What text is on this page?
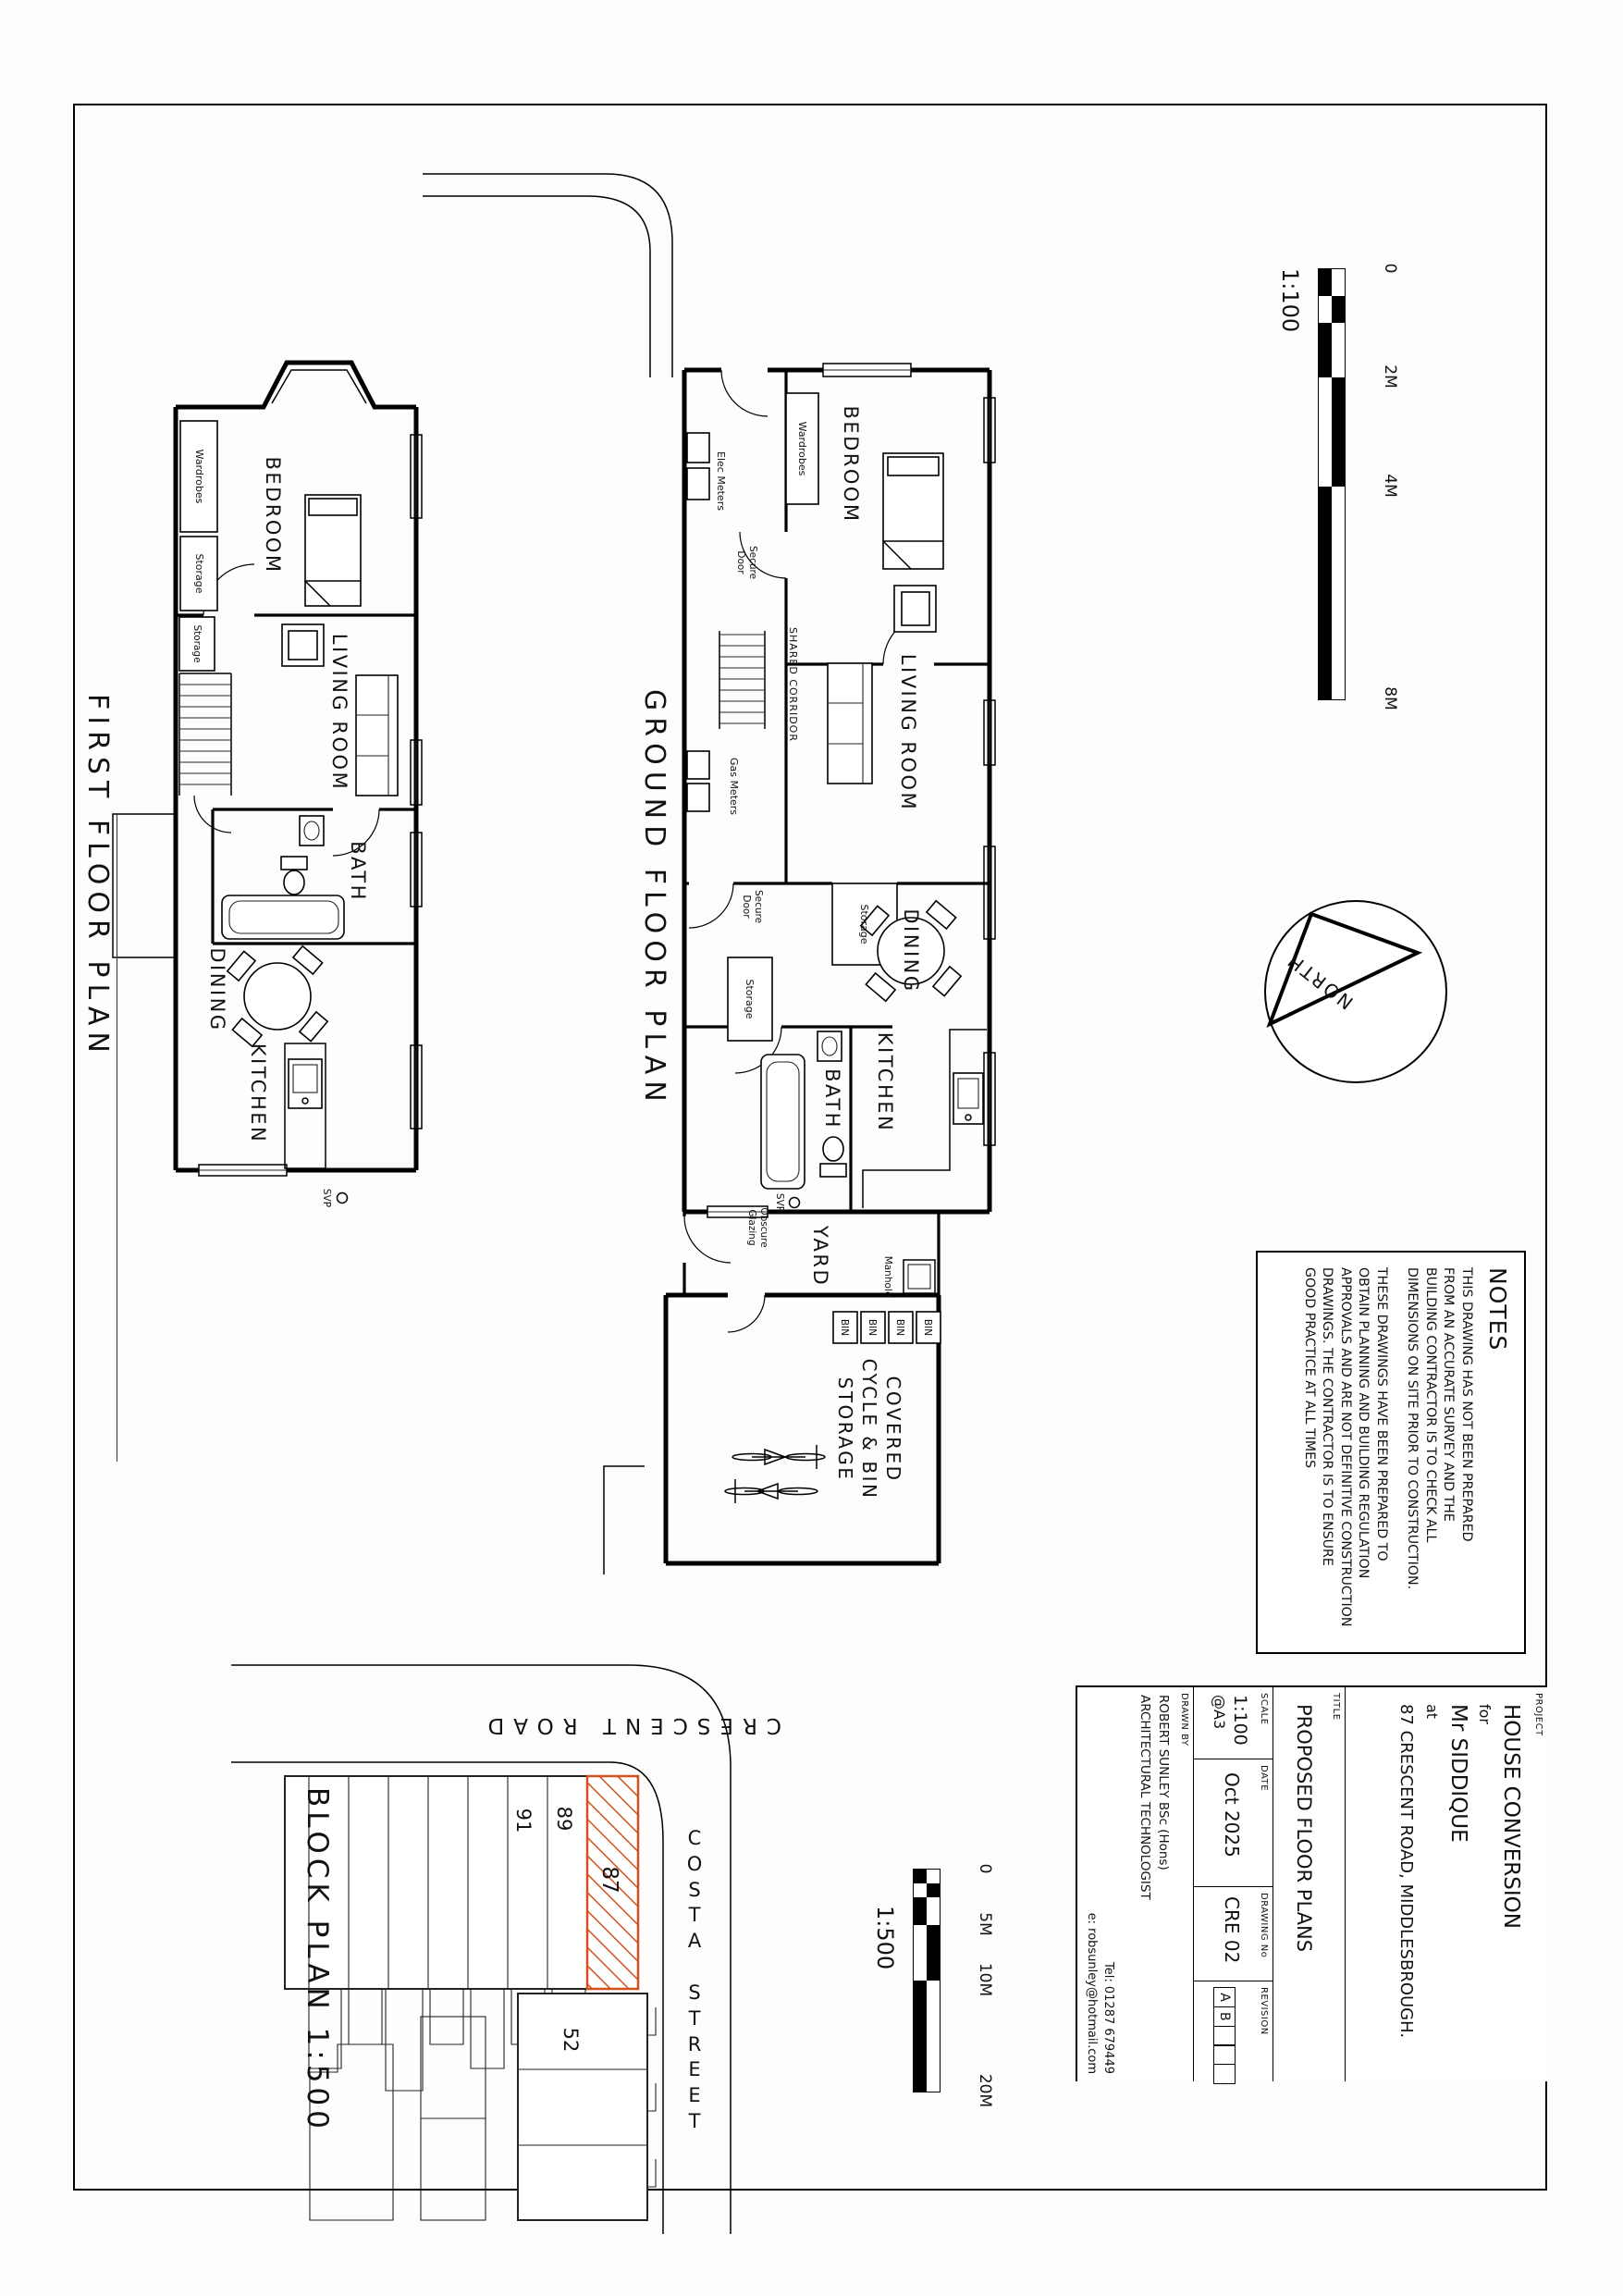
BEDROOM
LIVING ROOM
DINING
KITCHEN
BATH
YARD
SHARED CORRIDOR
Wardrobes
Storage
Storage
Elec Meters
Gas Meters
Secure
Door
Secure
Door
Obscure
Glazing
SVP
Manhole
BIN
BIN
BIN
BIN
COVERED
CYCLE & BIN
STORAGE
GROUND FLOOR PLAN
BEDROOM
LIVING ROOM
DINING
KITCHEN
BATH
Wardrobes
Storage
Storage
SVP
FIRST FLOOR PLAN
87
89
91
52
CRESCENT ROAD
BLOCK PLAN 1:500	C
O
S
T
A
S
T
R
E
E
T
NORTH
0
2M
4M
8M
1:100
0
5M
10M
20M
1:500
NOTES
THIS DRAWING HAS NOT BEEN PREPARED
FROM AN ACCURATE SURVEY AND THE
BUILDING CONTRACTOR IS TO CHECK ALL
DIMENSIONS ON SITE PRIOR TO CONSTRUCTION.
THESE DRAWINGS HAVE BEEN PREPARED TO
OBTAIN PLANNING AND BUILDING REGULATION
APPROVALS AND ARE NOT DEFINITIVE CONSTRUCTION
DRAWINGS. THE CONTRACTOR IS TO ENSURE
GOOD PRACTICE AT ALL TIMES
PROJECT
HOUSE CONVERSION
for
Mr SIDDIQUE
at
87 CRESCENT ROAD, MIDDLESBROUGH.
TITLE
PROPOSED FLOOR PLANS
SCALE
1:100
@A3
DATE
Oct 2025
DRAWING No
CRE 02
REVISION
A
B
DRAWN BY
ROBERT SUNLEY BSc (Hons)
ARCHITECTURAL TECHNOLOGIST
Tel: 01287 679449
e: robsunley@hotmail.com
